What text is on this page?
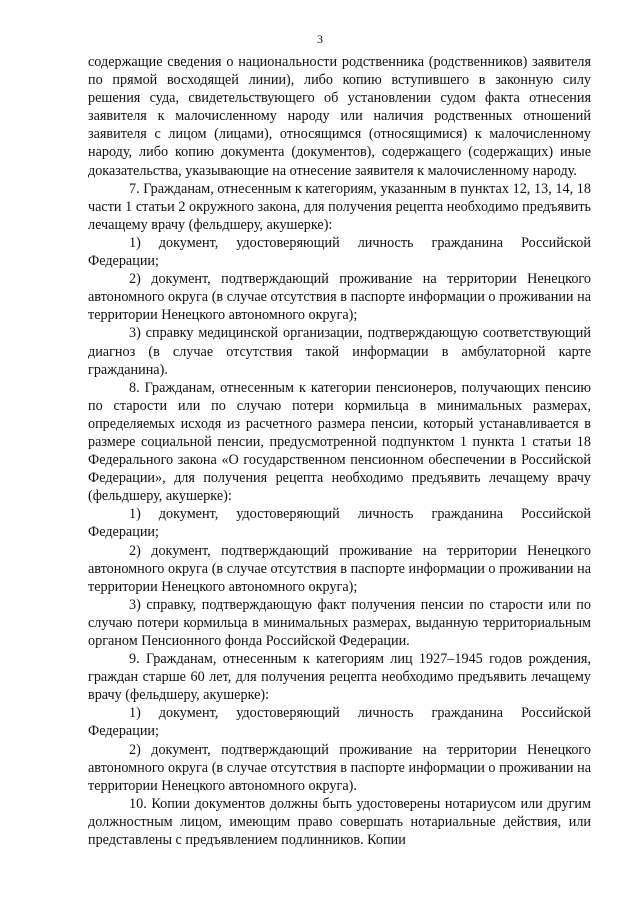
3

содержащие сведения о национальности родственника (родственников) заявителя по прямой восходящей линии), либо копию вступившего в законную силу решения суда, свидетельствующего об установлении судом факта отнесения заявителя к малочисленному народу или наличия родственных отношений заявителя с лицом (лицами), относящимся (относящимися) к малочисленному народу, либо копию документа (документов), содержащего (содержащих) иные доказательства, указывающие на отнесение заявителя к малочисленному народу.

7. Гражданам, отнесенным к категориям, указанным в пунктах 12, 13, 14, 18 части 1 статьи 2 окружного закона, для получения рецепта необходимо предъявить лечащему врачу (фельдшеру, акушерке):

1) документ, удостоверяющий личность гражданина Российской Федерации;

2) документ, подтверждающий проживание на территории Ненецкого автономного округа (в случае отсутствия в паспорте информации о проживании на территории Ненецкого автономного округа);

3) справку медицинской организации, подтверждающую соответствующий диагноз (в случае отсутствия такой информации в амбулаторной карте гражданина).

8. Гражданам, отнесенным к категории пенсионеров, получающих пенсию по старости или по случаю потери кормильца в минимальных размерах, определяемых исходя из расчетного размера пенсии, который устанавливается в размере социальной пенсии, предусмотренной подпунктом 1 пункта 1 статьи 18 Федерального закона «О государственном пенсионном обеспечении в Российской Федерации», для получения рецепта необходимо предъявить лечащему врачу (фельдшеру, акушерке):

1) документ, удостоверяющий личность гражданина Российской Федерации;

2) документ, подтверждающий проживание на территории Ненецкого автономного округа (в случае отсутствия в паспорте информации о проживании на территории Ненецкого автономного округа);

3) справку, подтверждающую факт получения пенсии по старости или по случаю потери кормильца в минимальных размерах, выданную территориальным органом Пенсионного фонда Российской Федерации.

9. Гражданам, отнесенным к категориям лиц 1927–1945 годов рождения, граждан старше 60 лет, для получения рецепта необходимо предъявить лечащему врачу (фельдшеру, акушерке):

1) документ, удостоверяющий личность гражданина Российской Федерации;

2) документ, подтверждающий проживание на территории Ненецкого автономного округа (в случае отсутствия в паспорте информации о проживании на территории Ненецкого автономного округа).

10. Копии документов должны быть удостоверены нотариусом или другим должностным лицом, имеющим право совершать нотариальные действия, или представлены с предъявлением подлинников. Копии
